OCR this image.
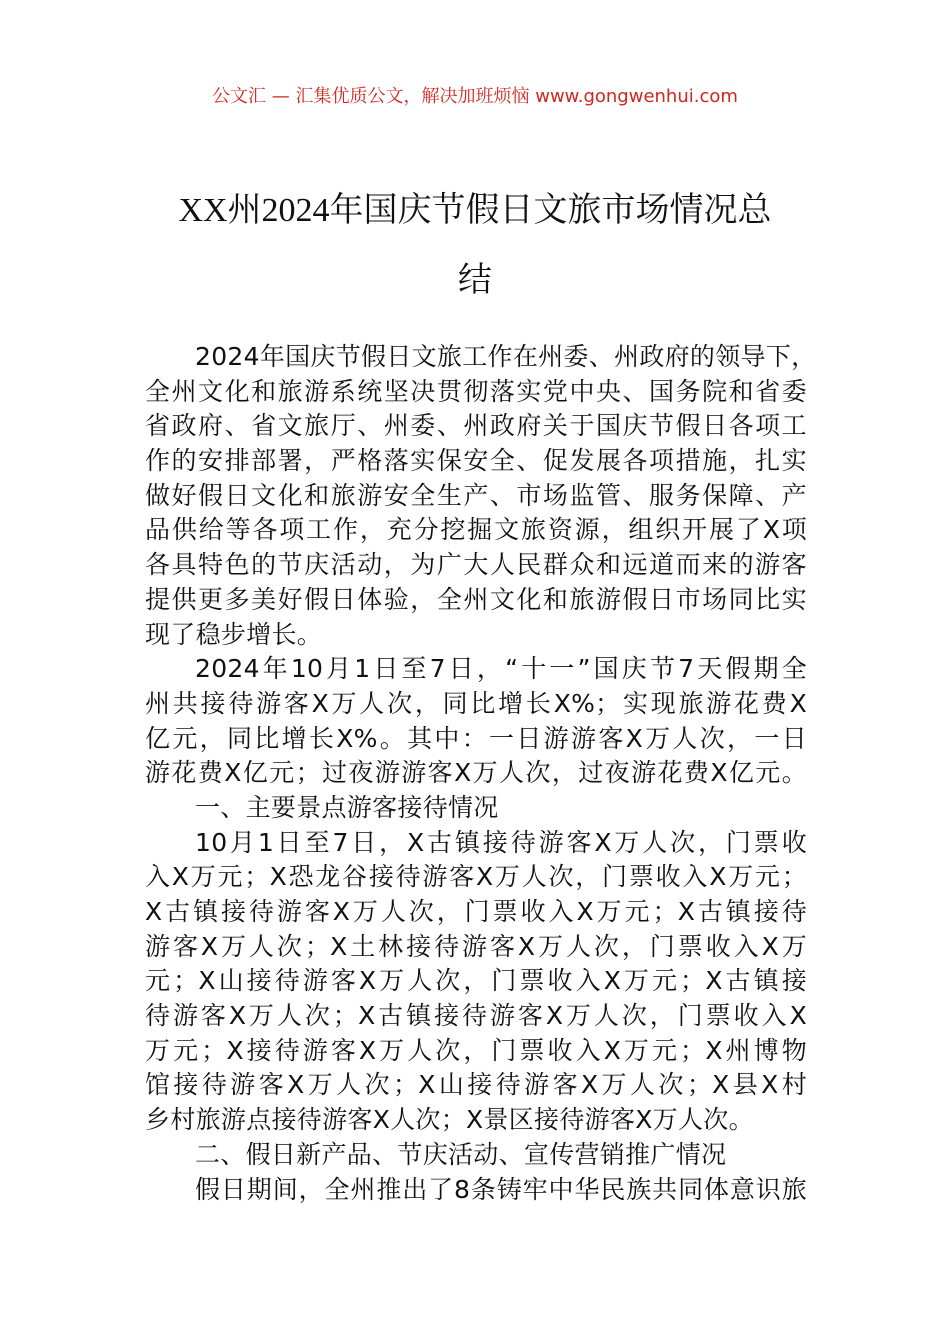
公文汇 — 汇集优质公文，解决加班烦恼 www.gongwenhui.com
XX州2024年国庆节假日文旅市场情况总
结
2024年国庆节假日文旅工作在州委、州政府的领导下，
全州文化和旅游系统坚决贯彻落实党中央、国务院和省委
省政府、省文旅厅、州委、州政府关于国庆节假日各项工
作的安排部署，严格落实保安全、促发展各项措施，扎实
做好假日文化和旅游安全生产、市场监管、服务保障、产
品供给等各项工作，充分挖掘文旅资源，组织开展了X项
各具特色的节庆活动，为广大人民群众和远道而来的游客
提供更多美好假日体验，全州文化和旅游假日市场同比实
现了稳步增长。
2024年10月1日至7日，“十一”国庆节7天假期全
州共接待游客X万人次，同比增长X%；实现旅游花费X
亿元，同比增长X%。其中：一日游游客X万人次，一日
游花费X亿元；过夜游游客X万人次，过夜游花费X亿元。
一、主要景点游客接待情况
10月1日至7日，X古镇接待游客X万人次，门票收
入X万元；X恐龙谷接待游客X万人次，门票收入X万元；
X古镇接待游客X万人次，门票收入X万元；X古镇接待
游客X万人次；X土林接待游客X万人次，门票收入X万
元；X山接待游客X万人次，门票收入X万元；X古镇接
待游客X万人次；X古镇接待游客X万人次，门票收入X
万元；X接待游客X万人次，门票收入X万元；X州博物
馆接待游客X万人次；X山接待游客X万人次；X县X村
乡村旅游点接待游客X人次；X景区接待游客X万人次。
二、假日新产品、节庆活动、宣传营销推广情况
假日期间，全州推出了8条铸牢中华民族共同体意识旅
